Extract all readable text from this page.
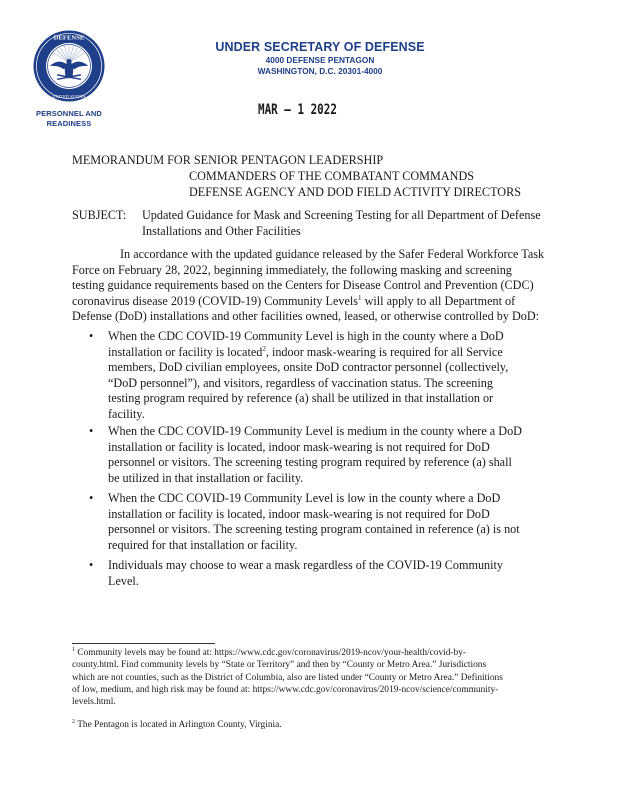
DEFENSE
UNITED STATES
PERSONNEL AND
READINESS
UNDER SECRETARY OF DEFENSE
4000 DEFENSE PENTAGON
WASHINGTON, D.C. 20301-4000
MAR – 1 2022
MEMORANDUM FOR SENIOR PENTAGON LEADERSHIP
COMMANDERS OF THE COMBATANT COMMANDS
DEFENSE AGENCY AND DOD FIELD ACTIVITY DIRECTORS
SUBJECT: Updated Guidance for Mask and Screening Testing for all Department of Defense
Installations and Other Facilities
In accordance with the updated guidance released by the Safer Federal Workforce Task
Force on February 28, 2022, beginning immediately, the following masking and screening
testing guidance requirements based on the Centers for Disease Control and Prevention (CDC)
coronavirus disease 2019 (COVID-19) Community Levels$^1$ will apply to all Department of
Defense (DoD) installations and other facilities owned, leased, or otherwise controlled by DoD:
• When the CDC COVID-19 Community Level is high in the county where a DoD
installation or facility is located$^2$, indoor mask-wearing is required for all Service
members, DoD civilian employees, onsite DoD contractor personnel (collectively,
“DoD personnel”), and visitors, regardless of vaccination status. The screening
testing program required by reference (a) shall be utilized in that installation or
facility.
• When the CDC COVID-19 Community Level is medium in the county where a DoD
installation or facility is located, indoor mask-wearing is not required for DoD
personnel or visitors. The screening testing program required by reference (a) shall
be utilized in that installation or facility.
• When the CDC COVID-19 Community Level is low in the county where a DoD
installation or facility is located, indoor mask-wearing is not required for DoD
personnel or visitors. The screening testing program contained in reference (a) is not
required for that installation or facility.
• Individuals may choose to wear a mask regardless of the COVID-19 Community
Level.
$^1$ Community levels may be found at: https://www.cdc.gov/coronavirus/2019-ncov/your-health/covid-by-
county.html. Find community levels by “State or Territory” and then by “County or Metro Area.” Jurisdictions
which are not counties, such as the District of Columbia, also are listed under “County or Metro Area.” Definitions
of low, medium, and high risk may be found at: https://www.cdc.gov/coronavirus/2019-ncov/science/community-
levels.html.
$^2$ The Pentagon is located in Arlington County, Virginia.
